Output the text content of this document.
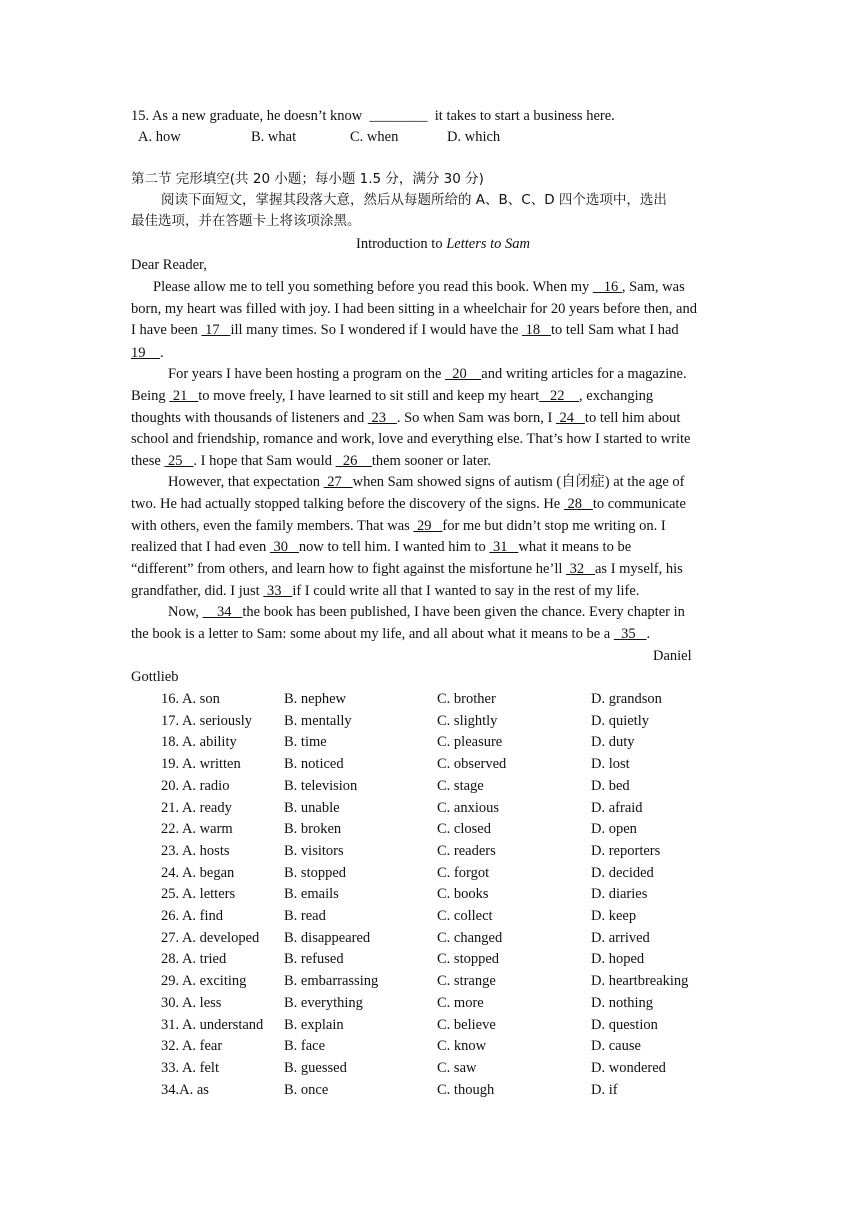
15. As a new graduate, he doesn’t know ________ it takes to start a business here.
A. how	B. what	C. when	D. which
第二节 完形填空(共 20 小题；每小题 1.5 分，满分 30 分)
阅读下面短文，掌握其段落大意，然后从每题所给的 A、B、C、D 四个选项中，选出
最佳选项，并在答题卡上将该项涂黑。
Introduction to Letters to Sam
Dear Reader,
Please allow me to tell you something before you read this book. When my    16 , Sam, was
born, my heart was filled with joy. I had been sitting in a wheelchair for 20 years before then, and
I have been  17   ill many times. So I wondered if I would have the  18   to tell Sam what I had
19    .
For years I have been hosting a program on the   20    and writing articles for a magazine.
Being  21   to move freely, I have learned to sit still and keep my heart   22    , exchanging
thoughts with thousands of listeners and  23   . So when Sam was born, I  24   to tell him about
school and friendship, romance and work, love and everything else. That’s how I started to write
these  25   . I hope that Sam would   26    them sooner or later.
However, that expectation  27   when Sam showed signs of autism (自闭症) at the age of
two. He had actually stopped talking before the discovery of the signs. He  28   to communicate
with others, even the family members. That was  29   for me but didn’t stop me writing on. I
realized that I had even  30   now to tell him. I wanted him to  31   what it means to be
“different” from others, and learn how to fight against the misfortune he’ll  32   as I myself, his
grandfather, did. I just  33   if I could write all that I wanted to say in the rest of my life.
Now,     34   the book has been published, I have been given the chance. Every chapter in
the book is a letter to Sam: some about my life, and all about what it means to be a   35   .
Daniel
Gottlieb
16. A. son	B. nephew	C. brother	D. grandson
17. A. seriously B. mentally	C. slightly	D. quietly
18. A. ability	B. time	C. pleasure	D. duty
19. A. written	B. noticed	C. observed	D. lost
20. A. radio	B. television	C. stage	D. bed
21. A. ready	B. unable	C. anxious	D. afraid
22. A. warm	B. broken	C. closed	D. open
23. A. hosts	B. visitors	C. readers	D. reporters
24. A. began	B. stopped	C. forgot	D. decided
25. A. letters	B. emails	C. books	D. diaries
26. A. find	B. read	C. collect	D. keep
27. A. developed B. disappeared	C. changed	D. arrived
28. A. tried	B. refused	C. stopped	D. hoped
29. A. exciting	B. embarrassing	C. strange	D. heartbreaking
30. A. less	B. everything	C. more	D. nothing
31. A. understand B. explain	C. believe	D. question
32. A. fear	B. face	C. know	D. cause
33. A. felt	B. guessed	C. saw	D. wondered
34.A. as	B. once	C. though	D. if
